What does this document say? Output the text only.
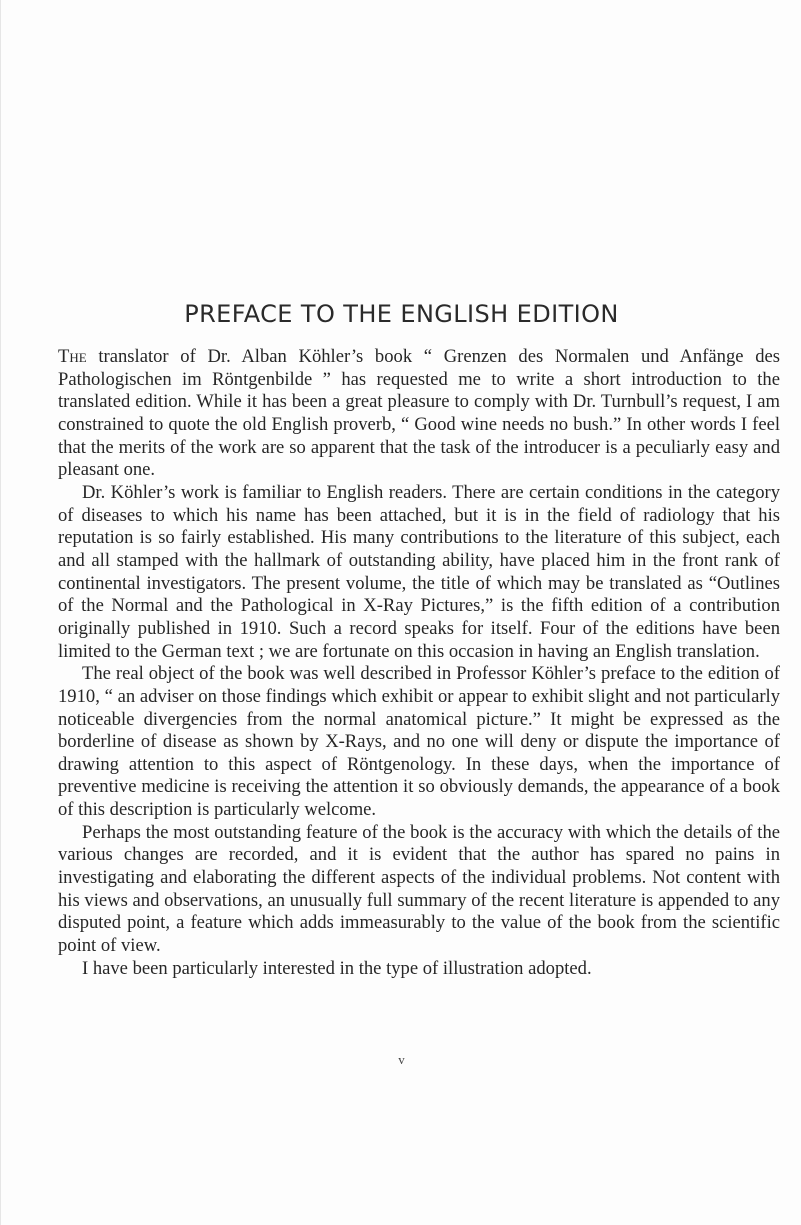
PREFACE TO THE ENGLISH EDITION

The translator of Dr. Alban Köhler’s book “ Grenzen des Normalen und Anfänge des Pathologischen im Röntgenbilde ” has requested me to write a short introduction to the translated edition. While it has been a great pleasure to comply with Dr. Turnbull’s request, I am constrained to quote the old English proverb, “ Good wine needs no bush.” In other words I feel that the merits of the work are so apparent that the task of the introducer is a peculiarly easy and pleasant one.

Dr. Köhler’s work is familiar to English readers. There are certain conditions in the category of diseases to which his name has been attached, but it is in the field of radiology that his reputation is so fairly established. His many contributions to the literature of this subject, each and all stamped with the hallmark of outstanding ability, have placed him in the front rank of continental investigators. The present volume, the title of which may be translated as “Outlines of the Normal and the Pathological in X-Ray Pictures,” is the fifth edition of a contribution originally published in 1910. Such a record speaks for itself. Four of the editions have been limited to the German text ; we are fortunate on this occasion in having an English translation.

The real object of the book was well described in Professor Köhler’s preface to the edition of 1910, “ an adviser on those findings which exhibit or appear to exhibit slight and not particularly noticeable divergencies from the normal anatomical picture.” It might be expressed as the borderline of disease as shown by X-Rays, and no one will deny or dispute the importance of drawing attention to this aspect of Röntgenology. In these days, when the importance of preventive medicine is receiving the attention it so obviously demands, the appearance of a book of this description is particularly welcome.

Perhaps the most outstanding feature of the book is the accuracy with which the details of the various changes are recorded, and it is evident that the author has spared no pains in investigating and elaborating the different aspects of the individual problems. Not content with his views and observations, an unusually full summary of the recent literature is appended to any disputed point, a feature which adds immeasurably to the value of the book from the scientific point of view.

I have been particularly interested in the type of illustration adopted.

v
